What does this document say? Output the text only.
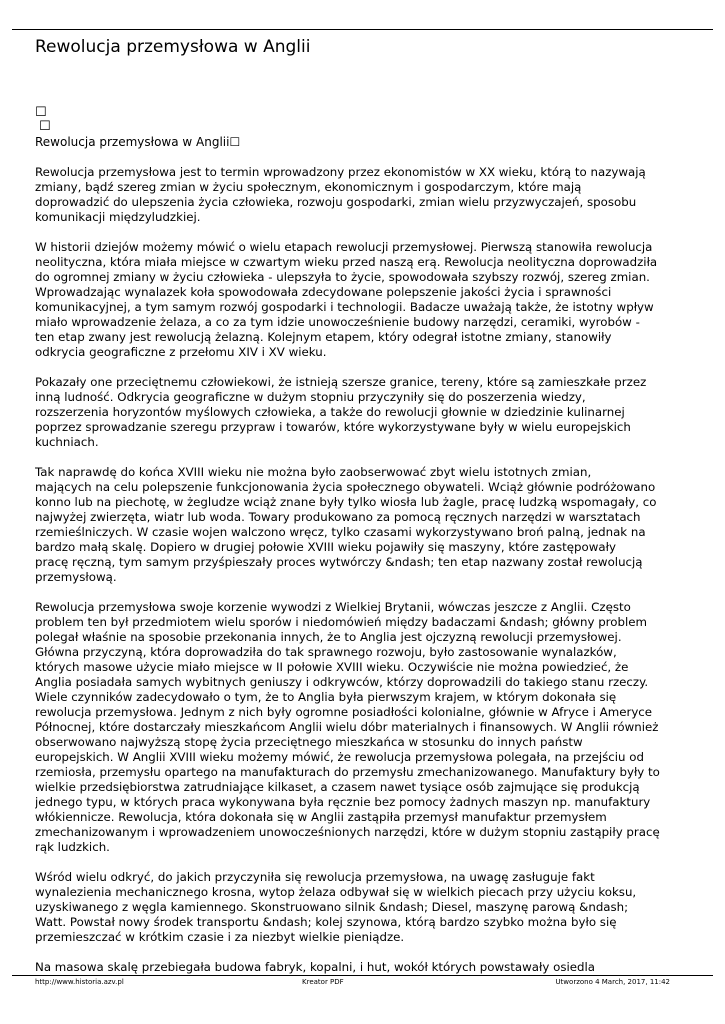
Rewolucja przemysłowa w Anglii
☐
☐
Rewolucja przemysłowa w Anglii☐

Rewolucja przemysłowa jest to termin wprowadzony przez ekonomistów w XX wieku, którą to nazywają
zmiany, bądź szereg zmian w życiu społecznym, ekonomicznym i gospodarczym, które mają
doprowadzić do ulepszenia życia człowieka, rozwoju gospodarki, zmian wielu przyzwyczajeń, sposobu
komunikacji międzyludzkiej.

W historii dziejów możemy mówić o wielu etapach rewolucji przemysłowej. Pierwszą stanowiła rewolucja
neolityczna, która miała miejsce w czwartym wieku przed naszą erą. Rewolucja neolityczna doprowadziła
do ogromnej zmiany w życiu człowieka - ulepszyła to życie, spowodowała szybszy rozwój, szereg zmian.
Wprowadzając wynalazek koła spowodowała zdecydowane polepszenie jakości życia i sprawności
komunikacyjnej, a tym samym rozwój gospodarki i technologii. Badacze uważają także, że istotny wpływ
miało wprowadzenie żelaza, a co za tym idzie unowocześnienie budowy narzędzi, ceramiki, wyrobów -
ten etap zwany jest rewolucją żelazną. Kolejnym etapem, który odegrał istotne zmiany, stanowiły
odkrycia geograficzne z przełomu XIV i XV wieku.

Pokazały one przeciętnemu człowiekowi, że istnieją szersze granice, tereny, które są zamieszkałe przez
inną ludność. Odkrycia geograficzne w dużym stopniu przyczyniły się do poszerzenia wiedzy,
rozszerzenia horyzontów myślowych człowieka, a także do rewolucji głownie w dziedzinie kulinarnej
poprzez sprowadzanie szeregu przypraw i towarów, które wykorzystywane były w wielu europejskich
kuchniach.

Tak naprawdę do końca XVIII wieku nie można było zaobserwować zbyt wielu istotnych zmian,
mających na celu polepszenie funkcjonowania życia społecznego obywateli. Wciąż głównie podróżowano
konno lub na piechotę, w żegludze wciąż znane były tylko wiosła lub żagle, pracę ludzką wspomagały, co
najwyżej zwierzęta, wiatr lub woda. Towary produkowano za pomocą ręcznych narzędzi w warsztatach
rzemieślniczych. W czasie wojen walczono wręcz, tylko czasami wykorzystywano broń palną, jednak na
bardzo małą skalę. Dopiero w drugiej połowie XVIII wieku pojawiły się maszyny, które zastępowały
pracę ręczną, tym samym przyśpieszały proces wytwórczy &ndash; ten etap nazwany został rewolucją
przemysłową.

Rewolucja przemysłowa swoje korzenie wywodzi z Wielkiej Brytanii, wówczas jeszcze z Anglii. Często
problem ten był przedmiotem wielu sporów i niedomówień między badaczami &ndash; główny problem
polegał właśnie na sposobie przekonania innych, że to Anglia jest ojczyzną rewolucji przemysłowej.
Główna przyczyną, która doprowadziła do tak sprawnego rozwoju, było zastosowanie wynalazków,
których masowe użycie miało miejsce w II połowie XVIII wieku. Oczywiście nie można powiedzieć, że
Anglia posiadała samych wybitnych geniuszy i odkrywców, którzy doprowadzili do takiego stanu rzeczy.
Wiele czynników zadecydowało o tym, że to Anglia była pierwszym krajem, w którym dokonała się
rewolucja przemysłowa. Jednym z nich były ogromne posiadłości kolonialne, głównie w Afryce i Ameryce
Północnej, które dostarczały mieszkańcom Anglii wielu dóbr materialnych i finansowych. W Anglii również
obserwowano najwyższą stopę życia przeciętnego mieszkańca w stosunku do innych państw
europejskich. W Anglii XVIII wieku możemy mówić, że rewolucja przemysłowa polegała, na przejściu od
rzemiosła, przemysłu opartego na manufakturach do przemysłu zmechanizowanego. Manufaktury były to
wielkie przedsiębiorstwa zatrudniające kilkaset, a czasem nawet tysiące osób zajmujące się produkcją
jednego typu, w których praca wykonywana była ręcznie bez pomocy żadnych maszyn np. manufaktury
włókiennicze. Rewolucja, która dokonała się w Anglii zastąpiła przemysł manufaktur przemysłem
zmechanizowanym i wprowadzeniem unowocześnionych narzędzi, które w dużym stopniu zastąpiły pracę
rąk ludzkich.

Wśród wielu odkryć, do jakich przyczyniła się rewolucja przemysłowa, na uwagę zasługuje fakt
wynalezienia mechanicznego krosna, wytop żelaza odbywał się w wielkich piecach przy użyciu koksu,
uzyskiwanego z węgla kamiennego. Skonstruowano silnik &ndash; Diesel, maszynę parową &ndash;
Watt. Powstał nowy środek transportu &ndash; kolej szynowa, którą bardzo szybko można było się
przemieszczać w krótkim czasie i za niezbyt wielkie pieniądze.

Na masowa skalę przebiegała budowa fabryk, kopalni, i hut, wokół których powstawały osiedla

http://www.historia.azv.pl	Kreator PDF	Utworzono 4 March, 2017, 11:42
